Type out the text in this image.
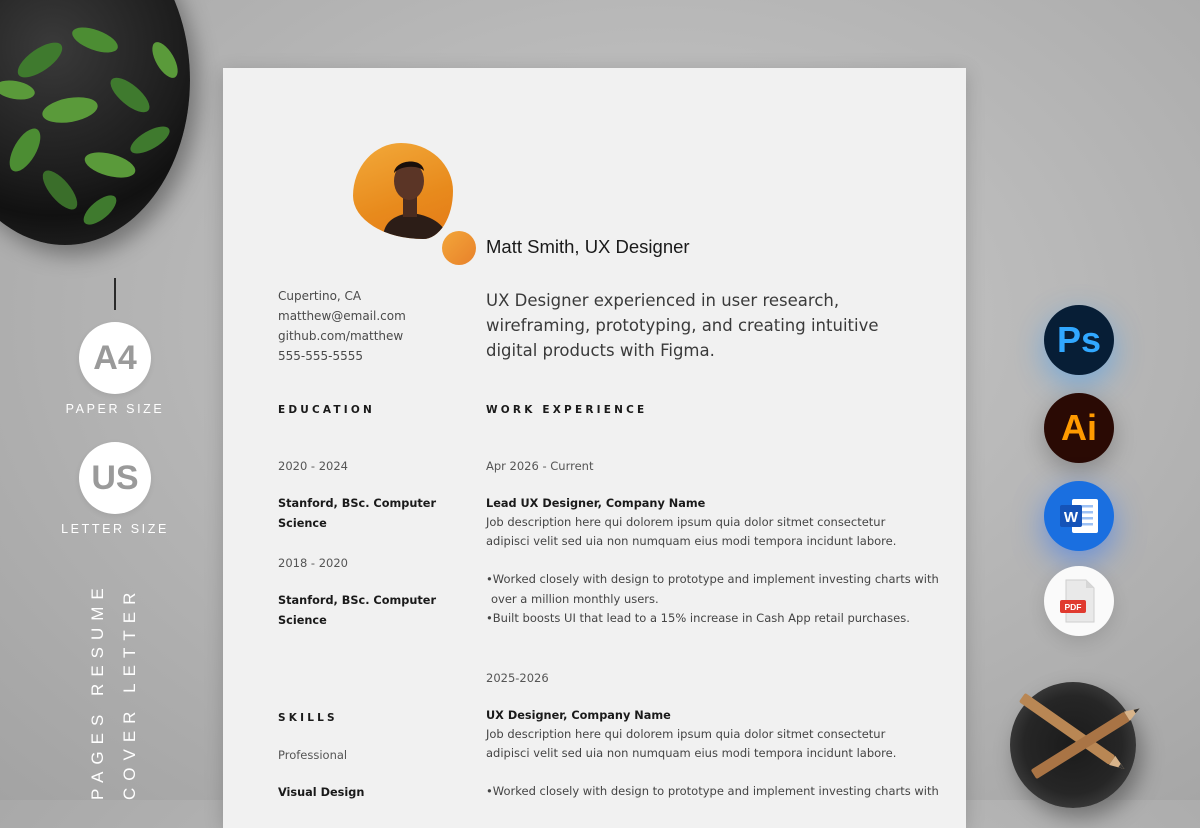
A4
PAPER SIZE
US
LETTER SIZE
PAGES RESUME COVER LETTER
Matt Smith, UX Designer
Cupertino, CA
matthew@email.com
github.com/matthew
555-555-5555
UX Designer experienced in user research, wireframing, prototyping, and creating intuitive digital products with Figma.
EDUCATION	WORK EXPERIENCE
2020 - 2024
Stanford, BSc. Computer
Science
2018 - 2020
Stanford, BSc. Computer
Science
SKILLS
Professional
Visual Design
Apr 2026 - Current
Lead UX Designer, Company Name
Job description here qui dolorem ipsum quia dolor sitmet consectetur
adipisci velit sed uia non numquam eius modi tempora incidunt labore.
•Worked closely with design to prototype and implement investing charts with
over a million monthly users.
•Built boosts UI that lead to a 15% increase in Cash App retail purchases.
2025-2026
UX Designer, Company Name
Job description here qui dolorem ipsum quia dolor sitmet consectetur
adipisci velit sed uia non numquam eius modi tempora incidunt labore.
•Worked closely with design to prototype and implement investing charts with
Ps
Ai
W
PDF
